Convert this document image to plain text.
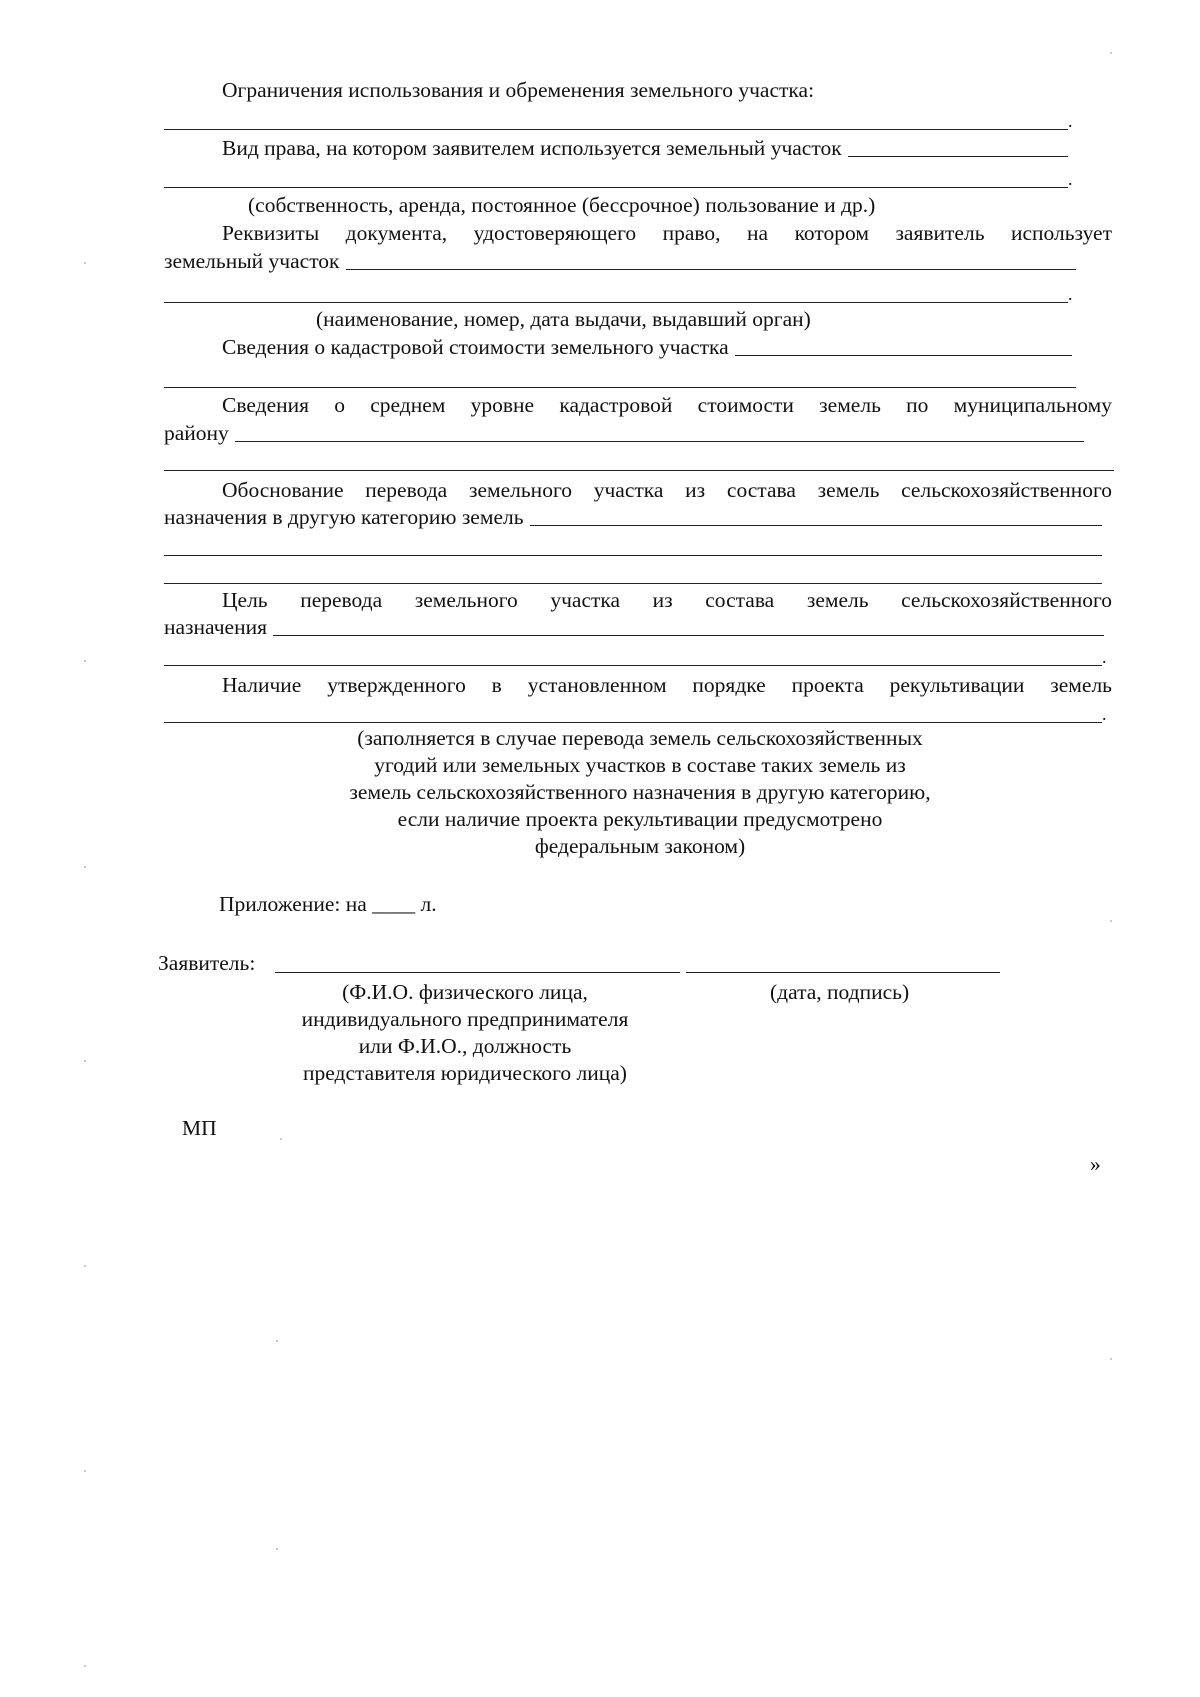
Ограничения использования и обременения земельного участка:
.
Вид права, на котором заявителем используется земельный участок
.
(собственность, аренда, постоянное (бессрочное) пользование и др.)
Реквизиты документа, удостоверяющего право, на котором заявитель использует
земельный участок
.
(наименование, номер, дата выдачи, выдавший орган)
Сведения о кадастровой стоимости земельного участка
Сведения о среднем уровне кадастровой стоимости земель по муниципальному
району
Обоснование перевода земельного участка из состава земель сельскохозяйственного
назначения в другую категорию земель
Цель перевода земельного участка из состава земель сельскохозяйственного
назначения
.
Наличие утвержденного в установленном порядке проекта рекультивации земель
.
(заполняется в случае перевода земель сельскохозяйственных
угодий или земельных участков в составе таких земель из
земель сельскохозяйственного назначения в другую категорию,
если наличие проекта рекультивации предусмотрено
федеральным законом)
Приложение: на ____ л.
Заявитель:
(Ф.И.О. физического лица,
индивидуального предпринимателя
или Ф.И.О., должность
представителя юридического лица)
(дата, подпись)
МП
»
